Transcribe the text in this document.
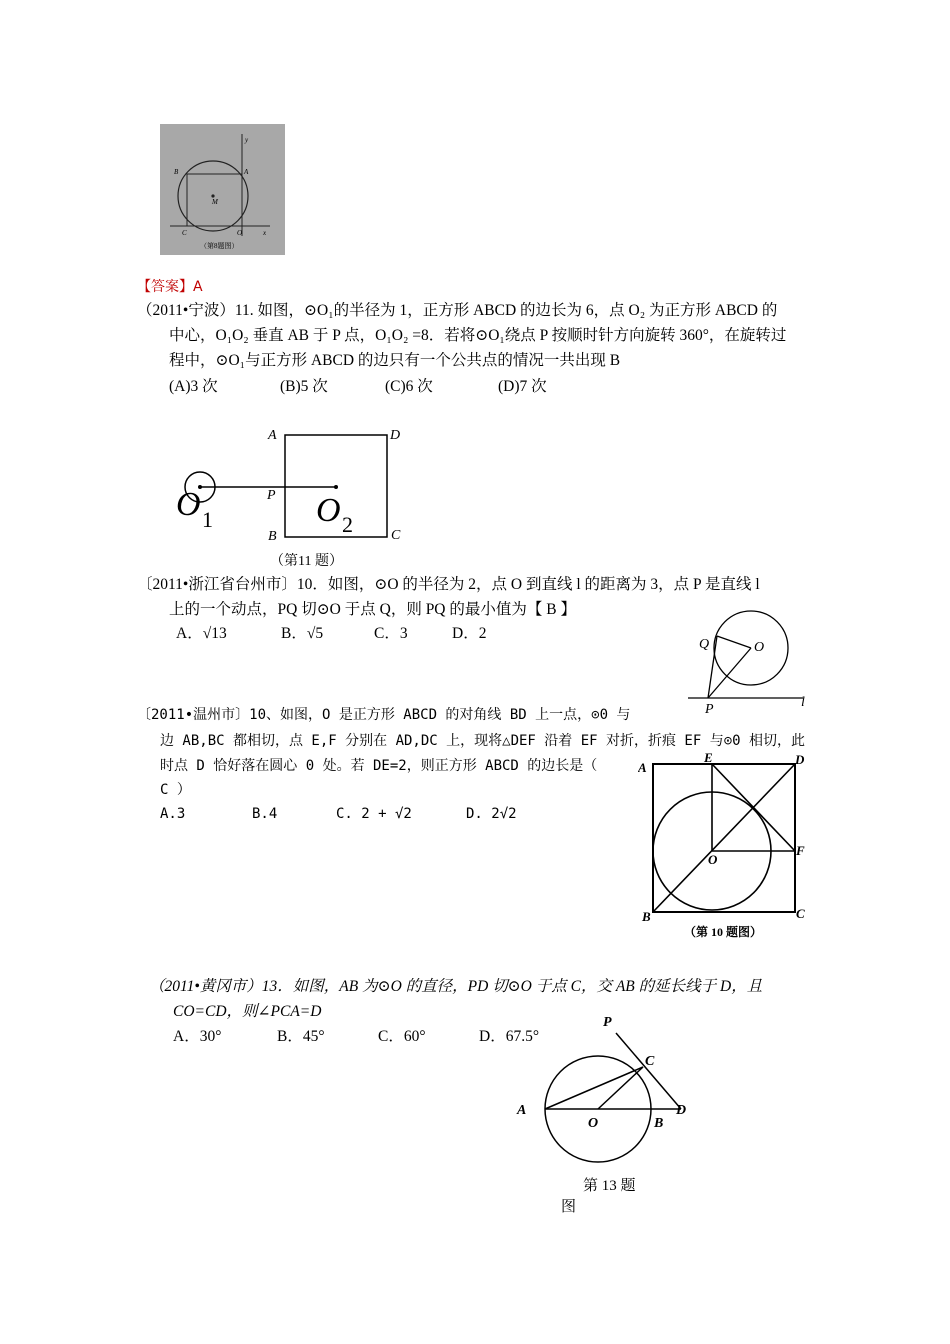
B	A
M
C	O	x
y
（第8题图）
【答案】A
（2011•宁波）11. 如图，⊙O₁的半径为 1，正方形 ABCD 的边长为 6，点 O₂ 为正方形 ABCD 的
中心，O₁O₂ 垂直 AB 于 P 点，O₁O₂ =8．若将⊙O₁绕点 P 按顺时针方向旋转 360°，在旋转过
程中，⊙O₁与正方形 ABCD 的边只有一个公共点的情况一共出现 B
(A)3 次	(B)5 次	(C)6 次	(D)7 次
A	D
P
B	C
O 1	O 2
（第11 题）
〔2011•浙江省台州市〕10．如图，⊙O 的半径为 2，点 O 到直线 l 的距离为 3，点 P 是直线 l
上的一个动点，PQ 切⊙O 于点 Q，则 PQ 的最小值为【 B 】
A．√13	B．√5	C．3	D．2
Q	O
P	l
〔2011•温州市〕10、如图，O 是正方形 ABCD 的对角线 BD 上一点，⊙0 与
边 AB,BC 都相切，点 E,F 分别在 AD,DC 上，现将△DEF 沿着 EF 对折，折痕 EF 与⊙0 相切，此
时点 D 恰好落在圆心 0 处。若 DE=2，则正方形 ABCD 的边长是（
C ）
A.3	B.4	C. 2 + √2	D. 2√2
A
E	D
O
F
B	C
（第 10 题图）
（2011•黄冈市）13．如图，AB 为⊙O 的直径，PD 切⊙O 于点 C，交 AB 的延长线于 D，且
CO=CD，则∠PCA=D
A．30°	B．45°	C．60°	D．67.5°
P
C
A
O	B
D
第 13 题
图
